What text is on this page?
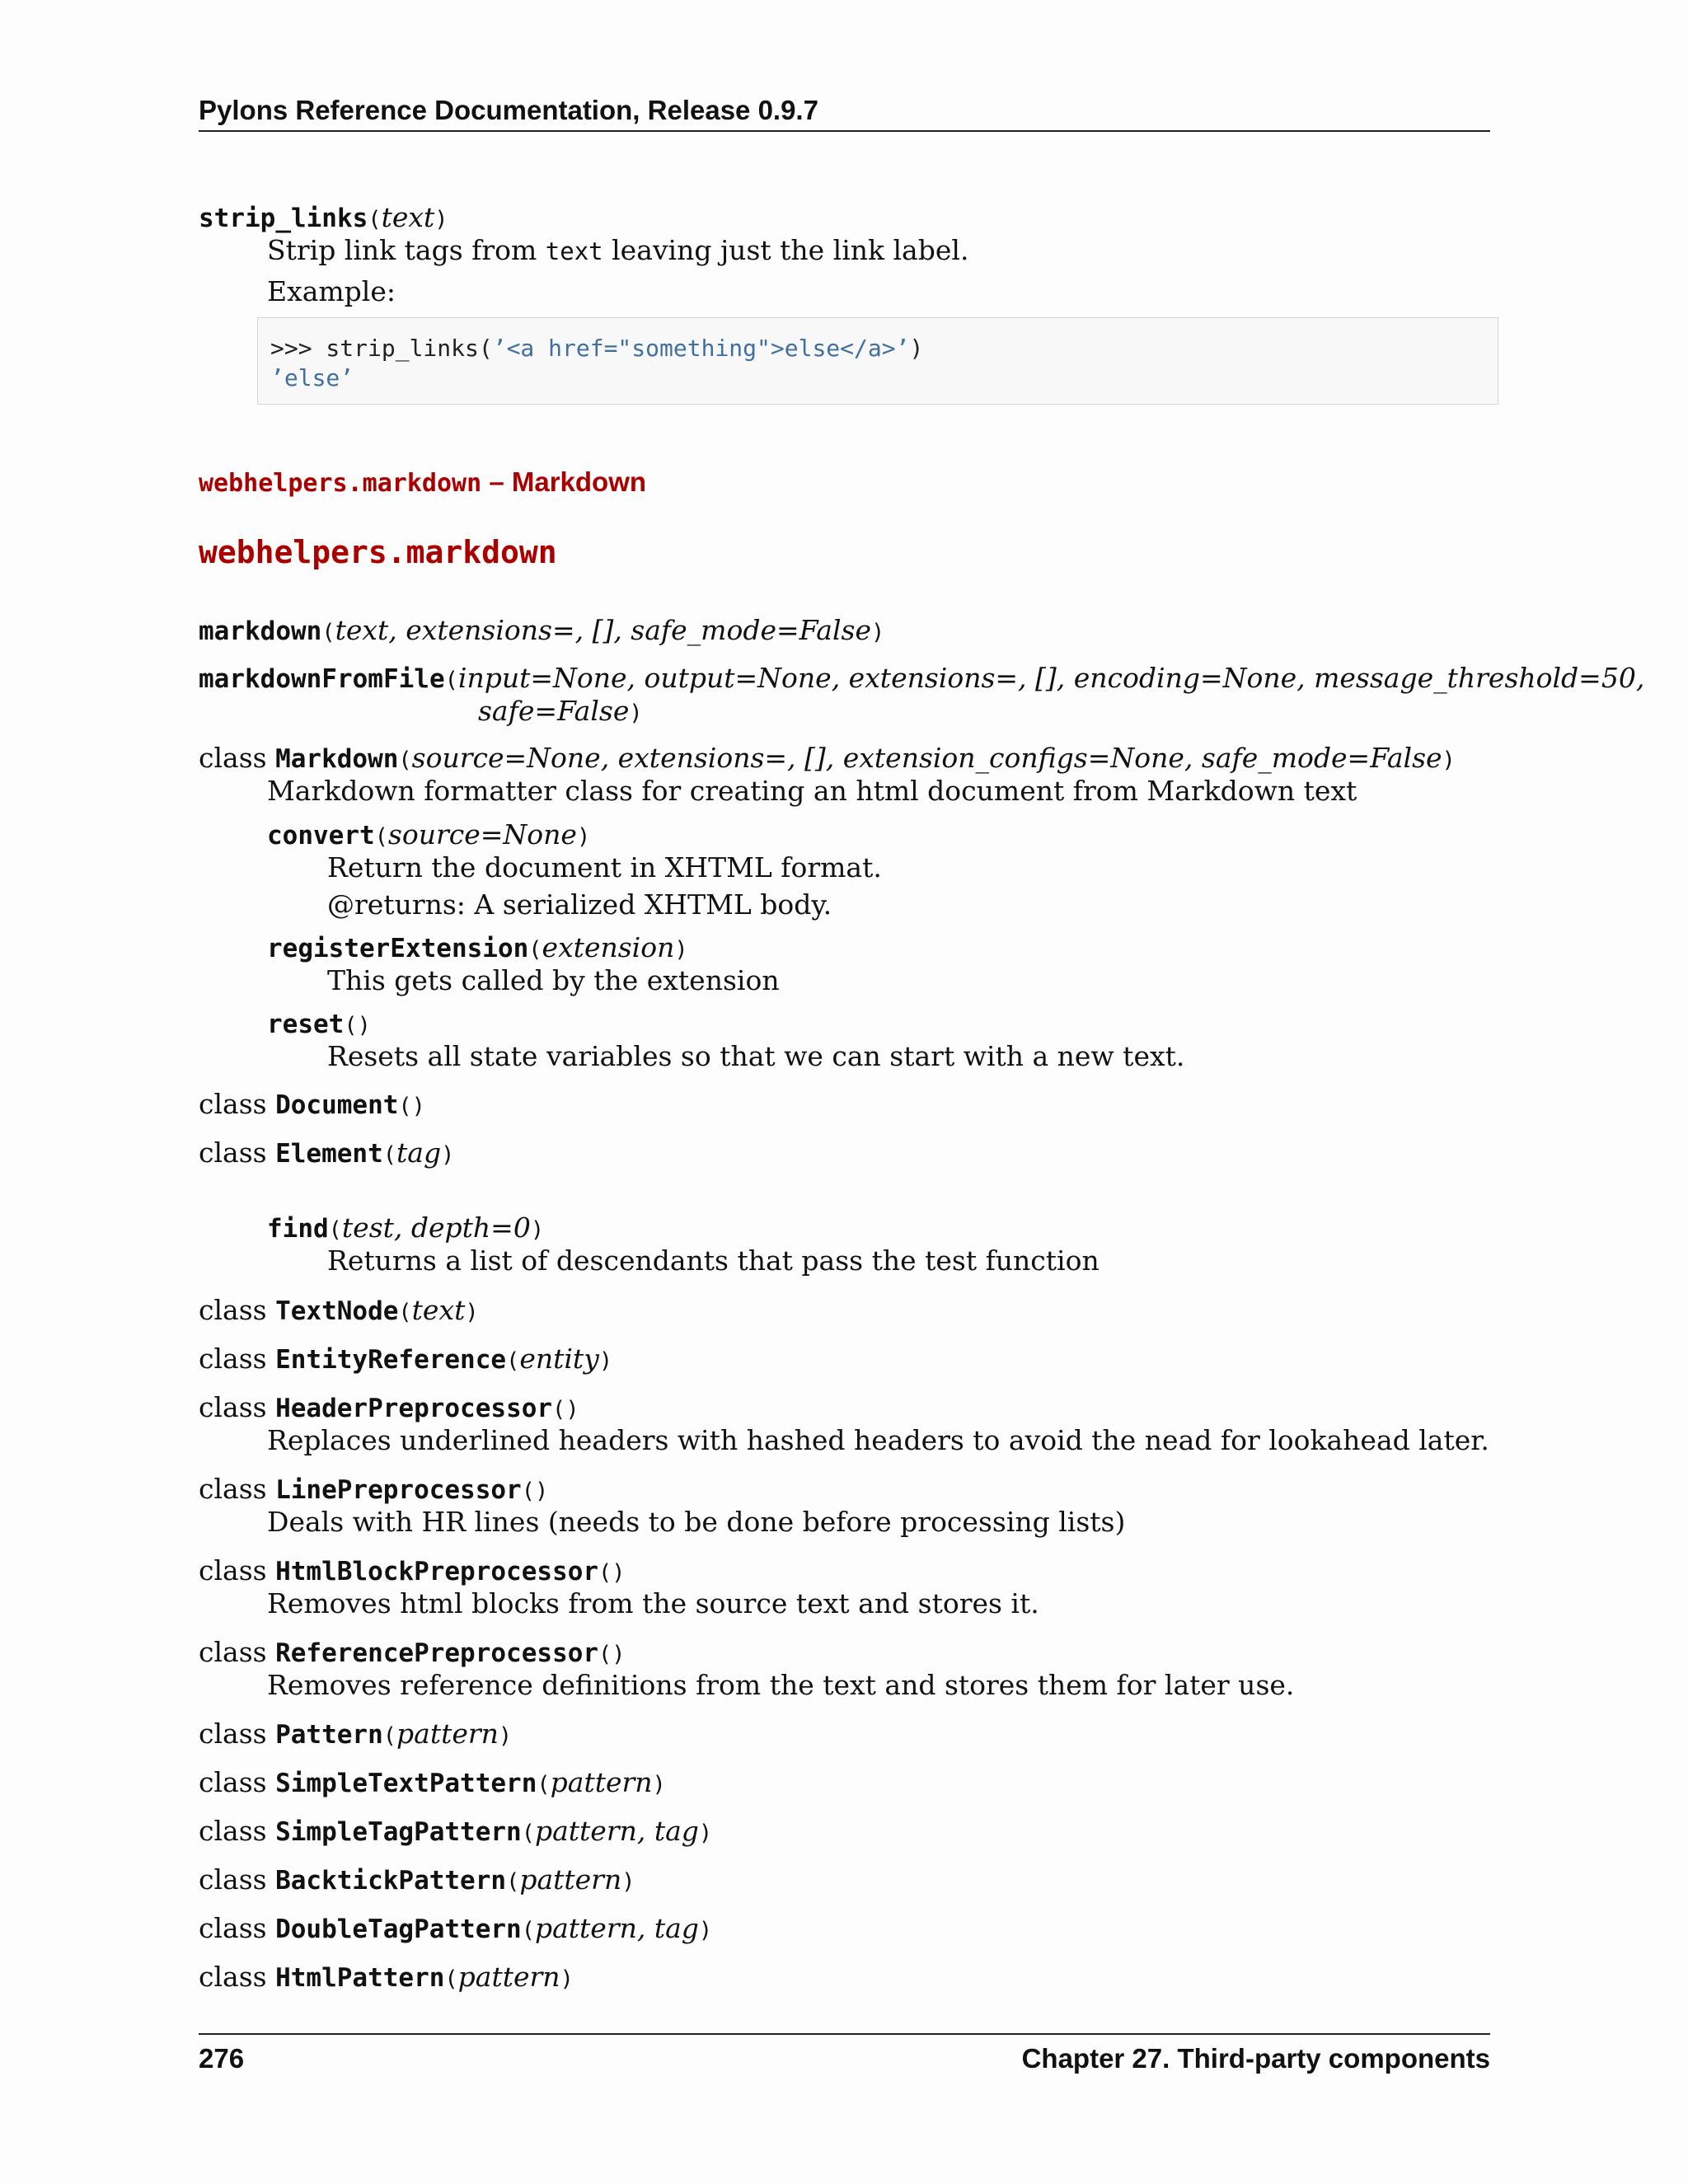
Pylons Reference Documentation, Release 0.9.7
strip_links(text)
Strip link tags from text leaving just the link label.
Example:
>>> strip_links(’<a href="something">else</a>’)
’else’
webhelpers.markdown – Markdown
webhelpers.markdown
markdown(text, extensions=, [], safe_mode=False)
markdownFromFile(input=None, output=None, extensions=, [], encoding=None, message_threshold=50,
safe=False)
class Markdown(source=None, extensions=, [], extension_configs=None, safe_mode=False)
Markdown formatter class for creating an html document from Markdown text
convert(source=None)
Return the document in XHTML format.
@returns: A serialized XHTML body.
registerExtension(extension)
This gets called by the extension
reset()
Resets all state variables so that we can start with a new text.
class Document()
class Element(tag)
find(test, depth=0)
Returns a list of descendants that pass the test function
class TextNode(text)
class EntityReference(entity)
class HeaderPreprocessor()
Replaces underlined headers with hashed headers to avoid the nead for lookahead later.
class LinePreprocessor()
Deals with HR lines (needs to be done before processing lists)
class HtmlBlockPreprocessor()
Removes html blocks from the source text and stores it.
class ReferencePreprocessor()
Removes reference definitions from the text and stores them for later use.
class Pattern(pattern)
class SimpleTextPattern(pattern)
class SimpleTagPattern(pattern, tag)
class BacktickPattern(pattern)
class DoubleTagPattern(pattern, tag)
class HtmlPattern(pattern)
276	Chapter 27. Third-party components
